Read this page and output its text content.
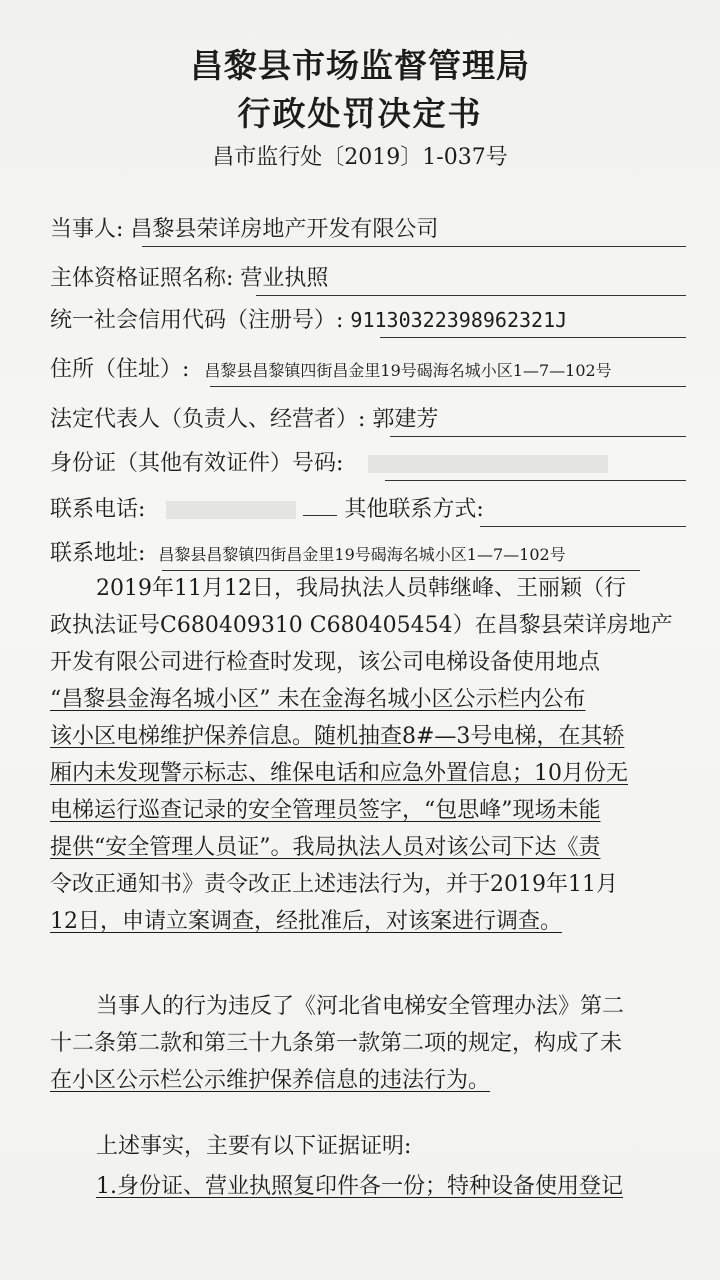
昌黎县市场监督管理局
行政处罚决定书
昌市监行处〔2019〕1-037号
当事人: 昌黎县荣详房地产开发有限公司
主体资格证照名称: 营业执照
统一社会信用代码（注册号）: 91130322398962321J
住所（住址）: 昌黎县昌黎镇四街昌金里19号碣海名城小区1—7—102号
法定代表人（负责人、经营者）: 郭建芳
身份证（其他有效证件）号码:
联系电话:	其他联系方式:
联系地址: 昌黎县昌黎镇四街昌金里19号碣海名城小区1—7—102号
2019年11月12日，我局执法人员韩继峰、王丽颖（行
政执法证号C680409310 C680405454）在昌黎县荣详房地产
开发有限公司进行检查时发现，该公司电梯设备使用地点
“昌黎县金海名城小区” 未在金海名城小区公示栏内公布
该小区电梯维护保养信息。随机抽查8#—3号电梯，在其轿
厢内未发现警示标志、维保电话和应急外置信息；10月份无
电梯运行巡查记录的安全管理员签字，“包思峰”现场未能
提供“安全管理人员证”。我局执法人员对该公司下达《责
令改正通知书》责令改正上述违法行为，并于2019年11月
12日，申请立案调查，经批准后，对该案进行调查。
当事人的行为违反了《河北省电梯安全管理办法》第二
十二条第二款和第三十九条第一款第二项的规定，构成了未
在小区公示栏公示维护保养信息的违法行为。
上述事实，主要有以下证据证明:
1.身份证、营业执照复印件各一份；特种设备使用登记
